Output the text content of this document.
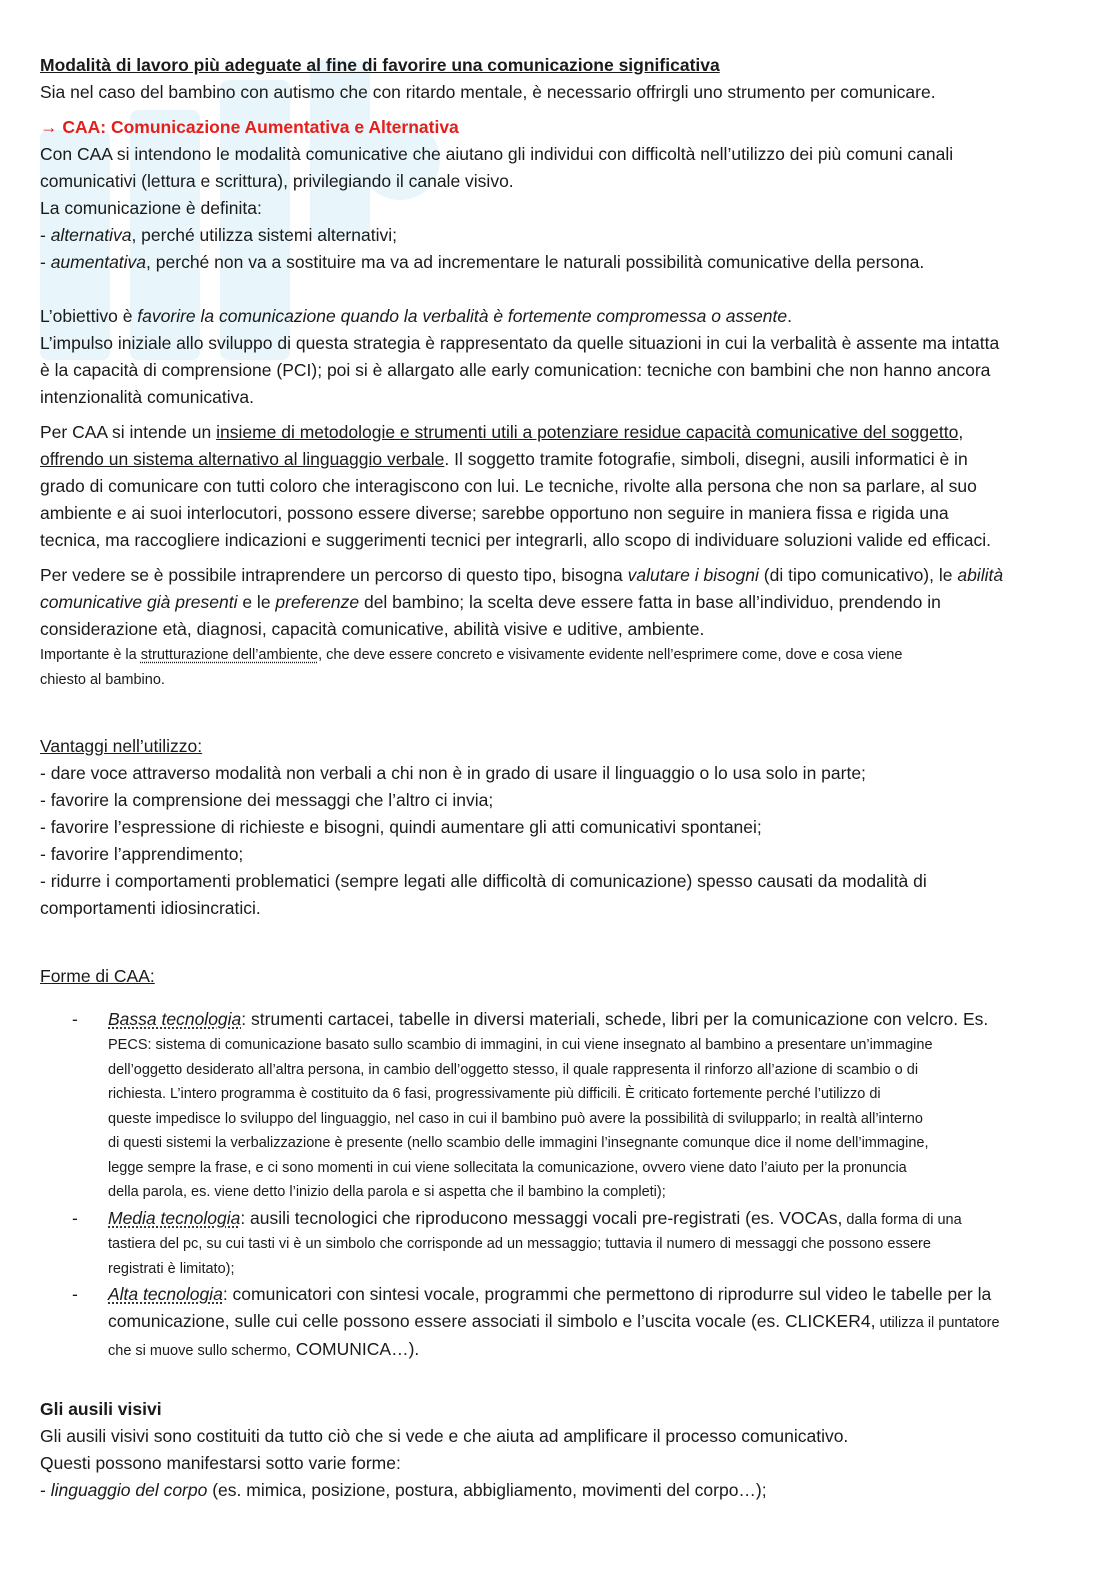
Modalità di lavoro più adeguate al fine di favorire una comunicazione significativa
Sia nel caso del bambino con autismo che con ritardo mentale, è necessario offrirgli uno strumento per comunicare.
→ CAA: Comunicazione Aumentativa e Alternativa
Con CAA si intendono le modalità comunicative che aiutano gli individui con difficoltà nell’utilizzo dei più comuni canali
comunicativi (lettura e scrittura), privilegiando il canale visivo.
La comunicazione è definita:
- alternativa, perché utilizza sistemi alternativi;
- aumentativa, perché non va a sostituire ma va ad incrementare le naturali possibilità comunicative della persona.
L’obiettivo è favorire la comunicazione quando la verbalità è fortemente compromessa o assente.
L’impulso iniziale allo sviluppo di questa strategia è rappresentato da quelle situazioni in cui la verbalità è assente ma intatta
è la capacità di comprensione (PCI); poi si è allargato alle early comunication: tecniche con bambini che non hanno ancora
intenzionalità comunicativa.
Per CAA si intende un insieme di metodologie e strumenti utili a potenziare residue capacità comunicative del soggetto,
offrendo un sistema alternativo al linguaggio verbale. Il soggetto tramite fotografie, simboli, disegni, ausili informatici è in
grado di comunicare con tutti coloro che interagiscono con lui. Le tecniche, rivolte alla persona che non sa parlare, al suo
ambiente e ai suoi interlocutori, possono essere diverse; sarebbe opportuno non seguire in maniera fissa e rigida una
tecnica, ma raccogliere indicazioni e suggerimenti tecnici per integrarli, allo scopo di individuare soluzioni valide ed efficaci.
Per vedere se è possibile intraprendere un percorso di questo tipo, bisogna valutare i bisogni (di tipo comunicativo), le abilità
comunicative già presenti e le preferenze del bambino; la scelta deve essere fatta in base all’individuo, prendendo in
considerazione età, diagnosi, capacità comunicative, abilità visive e uditive, ambiente.
Importante è la strutturazione dell’ambiente, che deve essere concreto e visivamente evidente nell’esprimere come, dove e cosa viene
chiesto al bambino.
Vantaggi nell’utilizzo:
- dare voce attraverso modalità non verbali a chi non è in grado di usare il linguaggio o lo usa solo in parte;
- favorire la comprensione dei messaggi che l’altro ci invia;
- favorire l’espressione di richieste e bisogni, quindi aumentare gli atti comunicativi spontanei;
- favorire l’apprendimento;
- ridurre i comportamenti problematici (sempre legati alle difficoltà di comunicazione) spesso causati da modalità di
comportamenti idiosincratici.
Forme di CAA:
- Bassa tecnologia: strumenti cartacei, tabelle in diversi materiali, schede, libri per la comunicazione con velcro. Es.
PECS: sistema di comunicazione basato sullo scambio di immagini, in cui viene insegnato al bambino a presentare un’immagine
dell’oggetto desiderato all’altra persona, in cambio dell’oggetto stesso, il quale rappresenta il rinforzo all’azione di scambio o di
richiesta. L’intero programma è costituito da 6 fasi, progressivamente più difficili. È criticato fortemente perché l’utilizzo di
queste impedisce lo sviluppo del linguaggio, nel caso in cui il bambino può avere la possibilità di svilupparlo; in realtà all’interno
di questi sistemi la verbalizzazione è presente (nello scambio delle immagini l’insegnante comunque dice il nome dell’immagine,
legge sempre la frase, e ci sono momenti in cui viene sollecitata la comunicazione, ovvero viene dato l’aiuto per la pronuncia
della parola, es. viene detto l’inizio della parola e si aspetta che il bambino la completi);
- Media tecnologia: ausili tecnologici che riproducono messaggi vocali pre-registrati (es. VOCAs, dalla forma di una
tastiera del pc, su cui tasti vi è un simbolo che corrisponde ad un messaggio; tuttavia il numero di messaggi che possono essere
registrati è limitato);
- Alta tecnologia: comunicatori con sintesi vocale, programmi che permettono di riprodurre sul video le tabelle per la
comunicazione, sulle cui celle possono essere associati il simbolo e l’uscita vocale (es. CLICKER4, utilizza il puntatore
che si muove sullo schermo, COMUNICA…).
Gli ausili visivi
Gli ausili visivi sono costituiti da tutto ciò che si vede e che aiuta ad amplificare il processo comunicativo.
Questi possono manifestarsi sotto varie forme:
- linguaggio del corpo (es. mimica, posizione, postura, abbigliamento, movimenti del corpo…);
